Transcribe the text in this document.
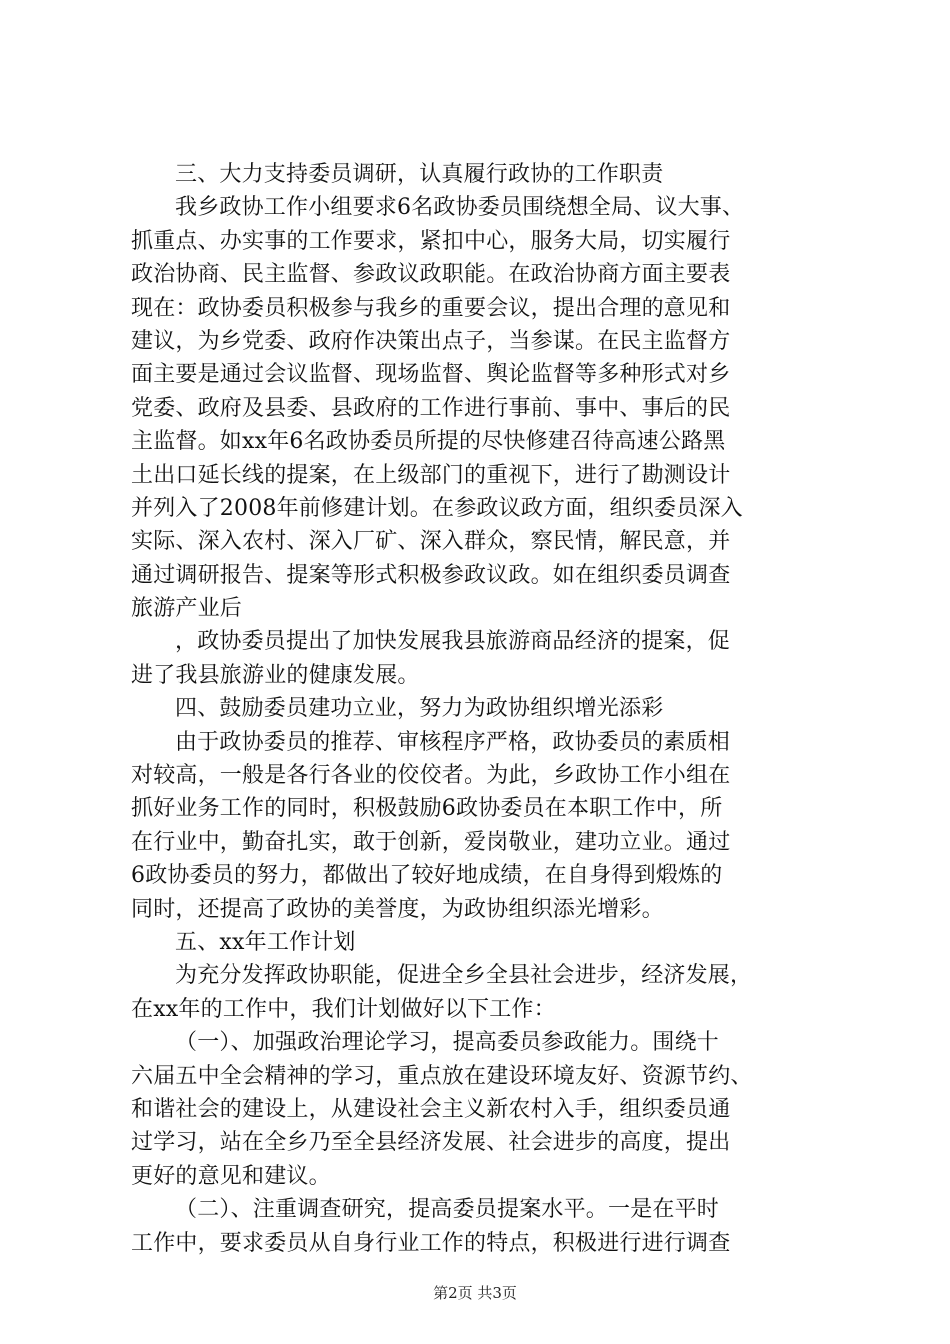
三、大力支持委员调研，认真履行政协的工作职责
我乡政协工作小组要求6名政协委员围绕想全局、议大事、
抓重点、办实事的工作要求，紧扣中心，服务大局，切实履行
政治协商、民主监督、参政议政职能。在政治协商方面主要表
现在：政协委员积极参与我乡的重要会议，提出合理的意见和
建议，为乡党委、政府作决策出点子，当参谋。在民主监督方
面主要是通过会议监督、现场监督、舆论监督等多种形式对乡
党委、政府及县委、县政府的工作进行事前、事中、事后的民
主监督。如xx年6名政协委员所提的尽快修建召待高速公路黑
土出口延长线的提案，在上级部门的重视下，进行了勘测设计
并列入了2008年前修建计划。在参政议政方面，组织委员深入
实际、深入农村、深入厂矿、深入群众，察民情，解民意，并
通过调研报告、提案等形式积极参政议政。如在组织委员调查
旅游产业后
，政协委员提出了加快发展我县旅游商品经济的提案，促
进了我县旅游业的健康发展。
四、鼓励委员建功立业，努力为政协组织增光添彩
由于政协委员的推荐、审核程序严格，政协委员的素质相
对较高，一般是各行各业的佼佼者。为此，乡政协工作小组在
抓好业务工作的同时，积极鼓励6政协委员在本职工作中，所
在行业中，勤奋扎实，敢于创新，爱岗敬业，建功立业。通过
6政协委员的努力，都做出了较好地成绩，在自身得到煅炼的
同时，还提高了政协的美誉度，为政协组织添光增彩。
五、xx年工作计划
为充分发挥政协职能，促进全乡全县社会进步，经济发展，
在xx年的工作中，我们计划做好以下工作：
（一）、加强政治理论学习，提高委员参政能力。围绕十
六届五中全会精神的学习，重点放在建设环境友好、资源节约、
和谐社会的建设上，从建设社会主义新农村入手，组织委员通
过学习，站在全乡乃至全县经济发展、社会进步的高度，提出
更好的意见和建议。
（二）、注重调查研究，提高委员提案水平。一是在平时
工作中，要求委员从自身行业工作的特点，积极进行进行调查
第2页 共3页
